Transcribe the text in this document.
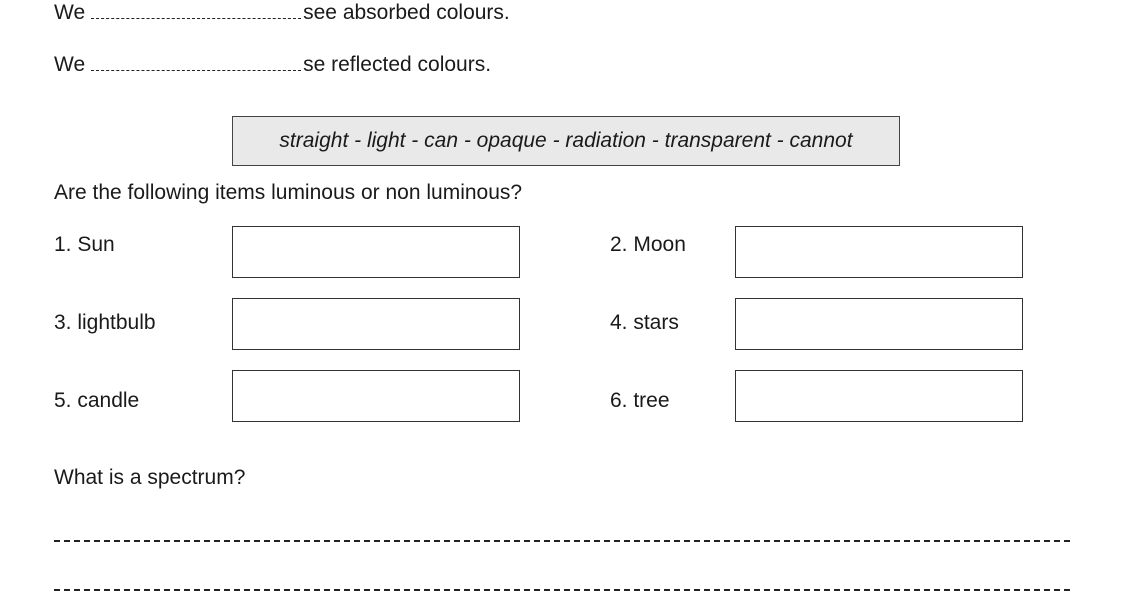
We	see absorbed colours.
We	se reflected colours.
straight - light - can - opaque - radiation - transparent - cannot
Are the following items luminous or non luminous?
1. Sun	2. Moon
3. lightbulb	4. stars
5. candle	6. tree
What is a spectrum?
